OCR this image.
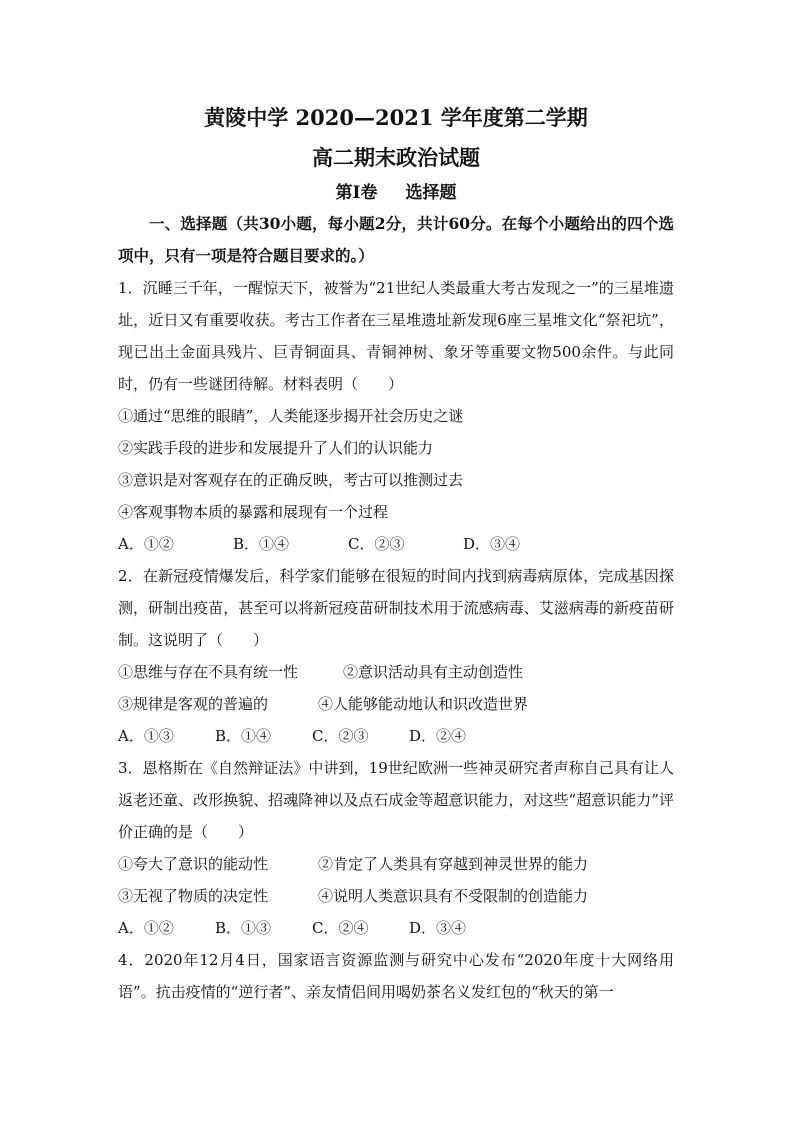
黄陵中学 2020—2021 学年度第二学期

高二期末政治试题

第Ⅰ卷 选择题

一、选择题（共30小题，每小题2分，共计60分。在每个小题给出的四个选项中，只有一项是符合题目要求的。）

1．沉睡三千年，一醒惊天下，被誉为“21世纪人类最重大考古发现之一”的三星堆遗址，近日又有重要收获。考古工作者在三星堆遗址新发现6座三星堆文化“祭祀坑”，现已出土金面具残片、巨青铜面具、青铜神树、象牙等重要文物500余件。与此同时，仍有一些谜团待解。材料表明（　　）

①通过“思维的眼睛”，人类能逐步揭开社会历史之谜

②实践手段的进步和发展提升了人们的认识能力

③意识是对客观存在的正确反映，考古可以推测过去

④客观事物本质的暴露和展现有一个过程

A．①②	B．①④	C．②③	D．③④

2．在新冠疫情爆发后，科学家们能够在很短的时间内找到病毒病原体，完成基因探测，研制出疫苗，甚至可以将新冠疫苗研制技术用于流感病毒、艾滋病毒的新疫苗研制。这说明了（　　）

①思维与存在不具有统一性	②意识活动具有主动创造性

③规律是客观的普遍的	④人能够能动地认和识改造世界

A．①③	B．①④	C．②③	D．②④

3．恩格斯在《自然辩证法》中讲到，19世纪欧洲一些神灵研究者声称自己具有让人返老还童、改形换貌、招魂降神以及点石成金等超意识能力，对这些“超意识能力”评价正确的是（　　）

①夸大了意识的能动性	②肯定了人类具有穿越到神灵世界的能力

③无视了物质的决定性	④说明人类意识具有不受限制的创造能力

A．①②	B．①③	C．②④	D．③④

4．2020年12月4日，国家语言资源监测与研究中心发布“2020年度十大网络用语”。抗击疫情的“逆行者”、亲友情侣间用喝奶茶名义发红包的“秋天的第一
